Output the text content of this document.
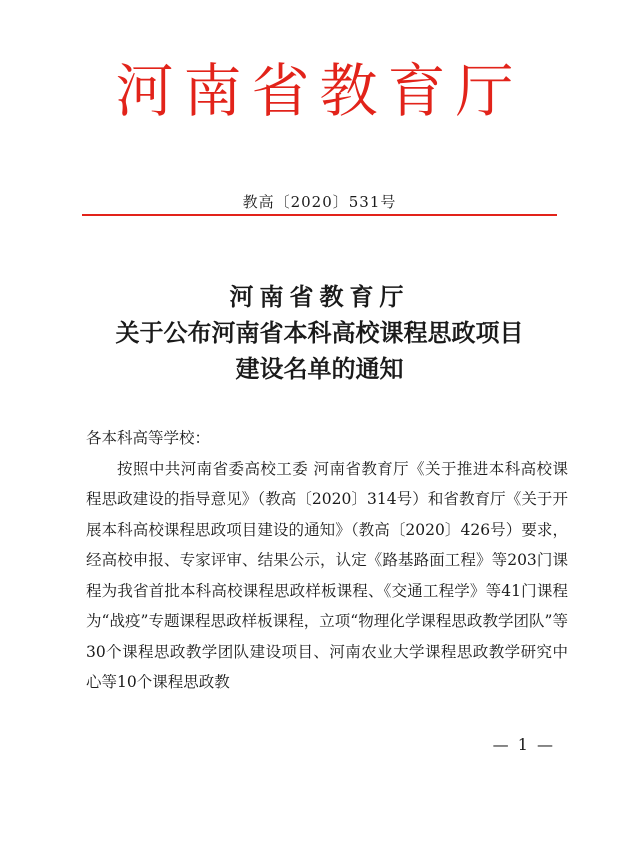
河南省教育厅
教高〔2020〕531号
河南省教育厅
关于公布河南省本科高校课程思政项目
建设名单的通知

各本科高等学校：

按照中共河南省委高校工委 河南省教育厅《关于推进本科高校课程思政建设的指导意见》（教高〔2020〕314号）和省教育厅《关于开展本科高校课程思政项目建设的通知》（教高〔2020〕426号）要求，经高校申报、专家评审、结果公示，认定《路基路面工程》等203门课程为我省首批本科高校课程思政样板课程、《交通工程学》等41门课程为“战疫”专题课程思政样板课程，立项“物理化学课程思政教学团队”等30个课程思政教学团队建设项目、河南农业大学课程思政教学研究中心等10个课程思政教

— 1 —
